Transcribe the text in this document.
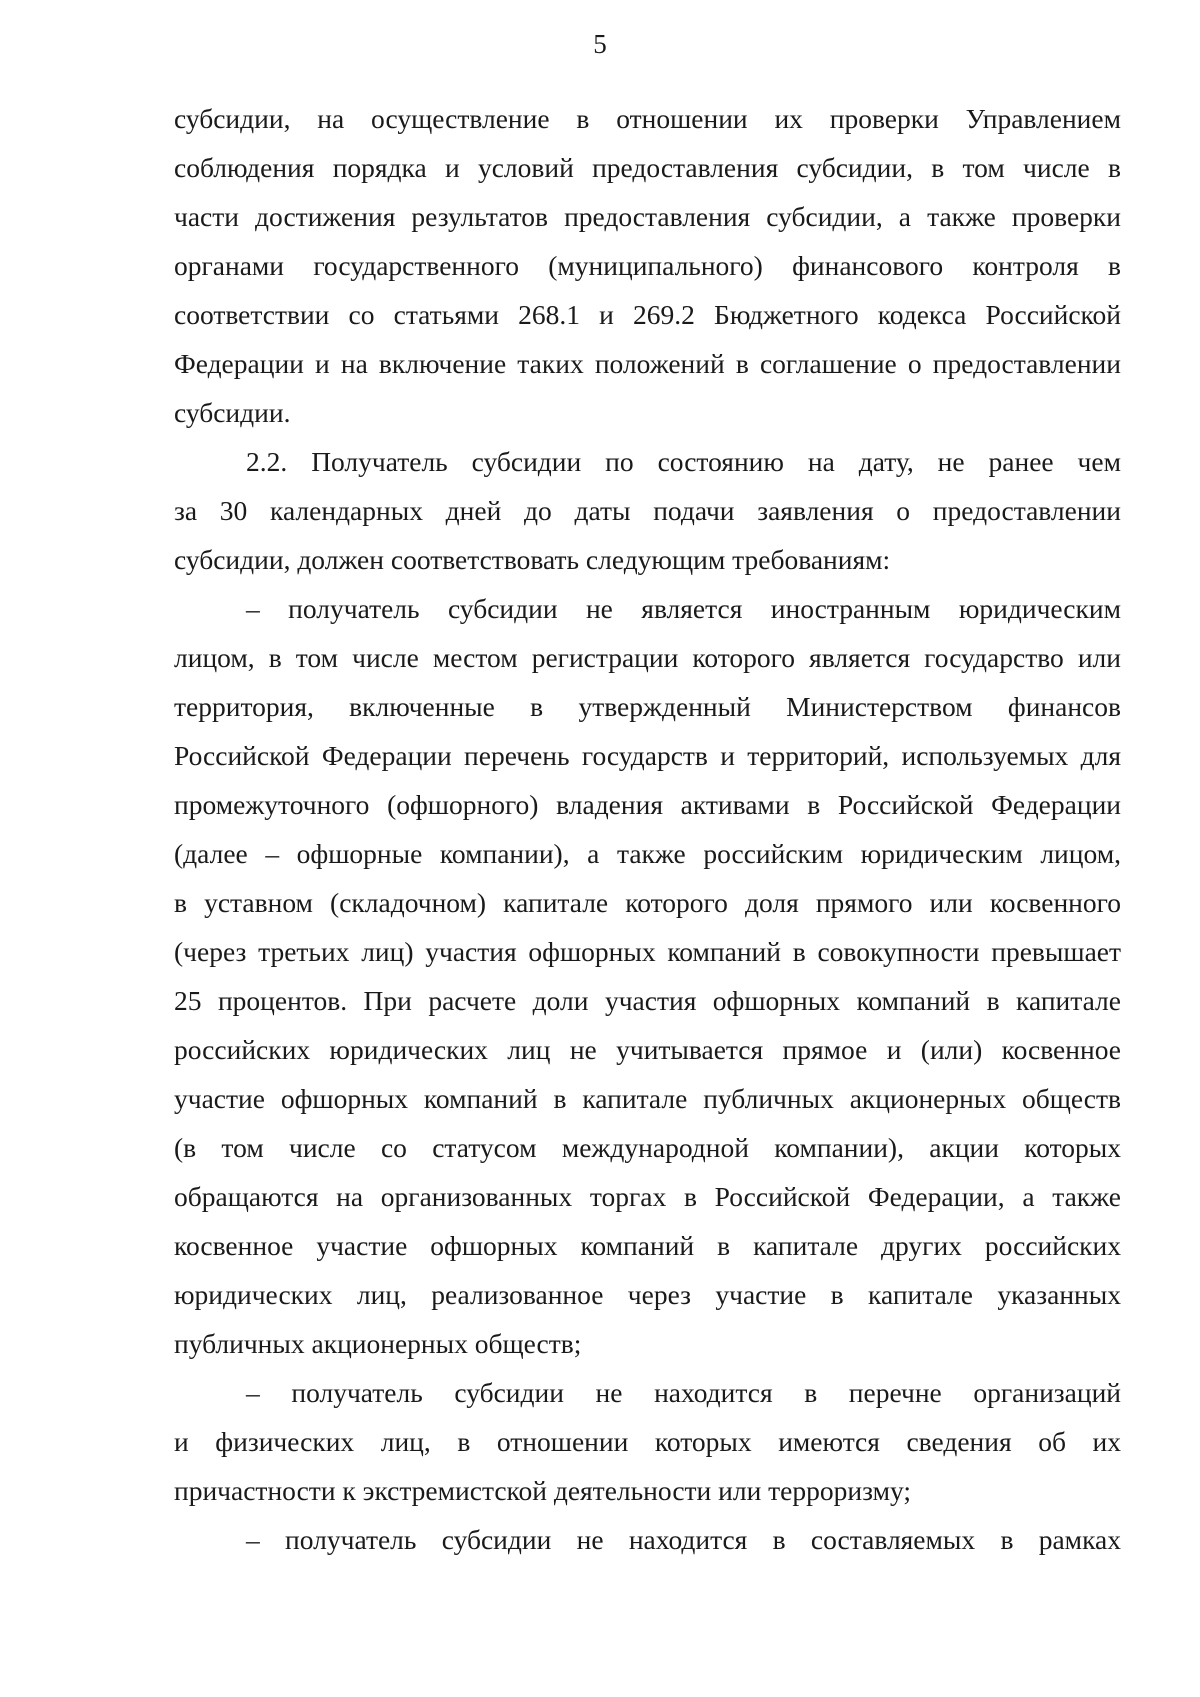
5

субсидии, на осуществление в отношении их проверки Управлением
соблюдения порядка и условий предоставления субсидии, в том числе в
части достижения результатов предоставления субсидии, а также проверки
органами государственного (муниципального) финансового контроля в
соответствии со статьями 268.1 и 269.2 Бюджетного кодекса Российской
Федерации и на включение таких положений в соглашение о предоставлении
субсидии.

2.2. Получатель субсидии по состоянию на дату, не ранее чем
за 30 календарных дней до даты подачи заявления о предоставлении
субсидии, должен соответствовать следующим требованиям:

– получатель субсидии не является иностранным юридическим
лицом, в том числе местом регистрации которого является государство или
территория, включенные в утвержденный Министерством финансов
Российской Федерации перечень государств и территорий, используемых для
промежуточного (офшорного) владения активами в Российской Федерации
(далее – офшорные компании), а также российским юридическим лицом,
в уставном (складочном) капитале которого доля прямого или косвенного
(через третьих лиц) участия офшорных компаний в совокупности превышает
25 процентов. При расчете доли участия офшорных компаний в капитале
российских юридических лиц не учитывается прямое и (или) косвенное
участие офшорных компаний в капитале публичных акционерных обществ
(в том числе со статусом международной компании), акции которых
обращаются на организованных торгах в Российской Федерации, а также
косвенное участие офшорных компаний в капитале других российских
юридических лиц, реализованное через участие в капитале указанных
публичных акционерных обществ;

– получатель субсидии не находится в перечне организаций
и физических лиц, в отношении которых имеются сведения об их
причастности к экстремистской деятельности или терроризму;

– получатель субсидии не находится в составляемых в рамках
